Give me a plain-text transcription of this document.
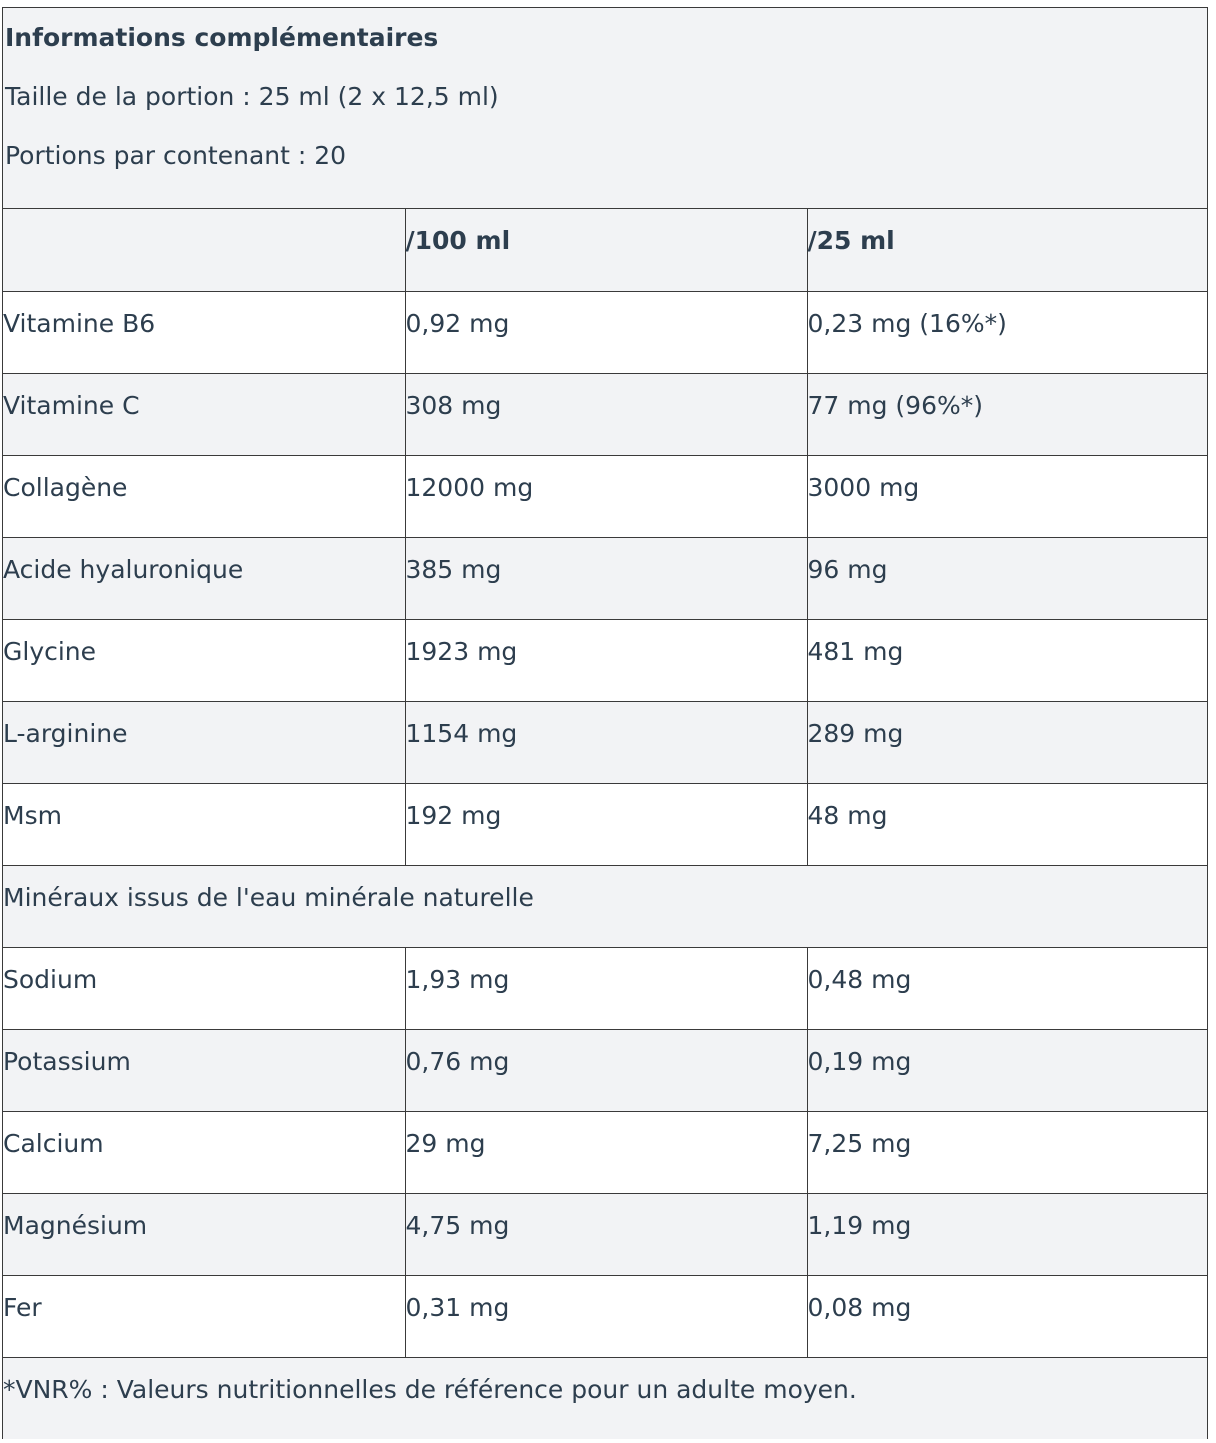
Informations complémentaires
Taille de la portion : 25 ml (2 x 12,5 ml)
Portions par contenant : 20
	/100 ml	/25 ml
Vitamine B6	0,92 mg	0,23 mg (16%*)
Vitamine C	308 mg	77 mg (96%*)
Collagène	12000 mg	3000 mg
Acide hyaluronique	385 mg	96 mg
Glycine	1923 mg	481 mg
L-arginine	1154 mg	289 mg
Msm	192 mg	48 mg
Minéraux issus de l'eau minérale naturelle		
Sodium	1,93 mg	0,48 mg
Potassium	0,76 mg	0,19 mg
Calcium	29 mg	7,25 mg
Magnésium	4,75 mg	1,19 mg
Fer	0,31 mg	0,08 mg
*VNR% : Valeurs nutritionnelles de référence pour un adulte moyen.		
